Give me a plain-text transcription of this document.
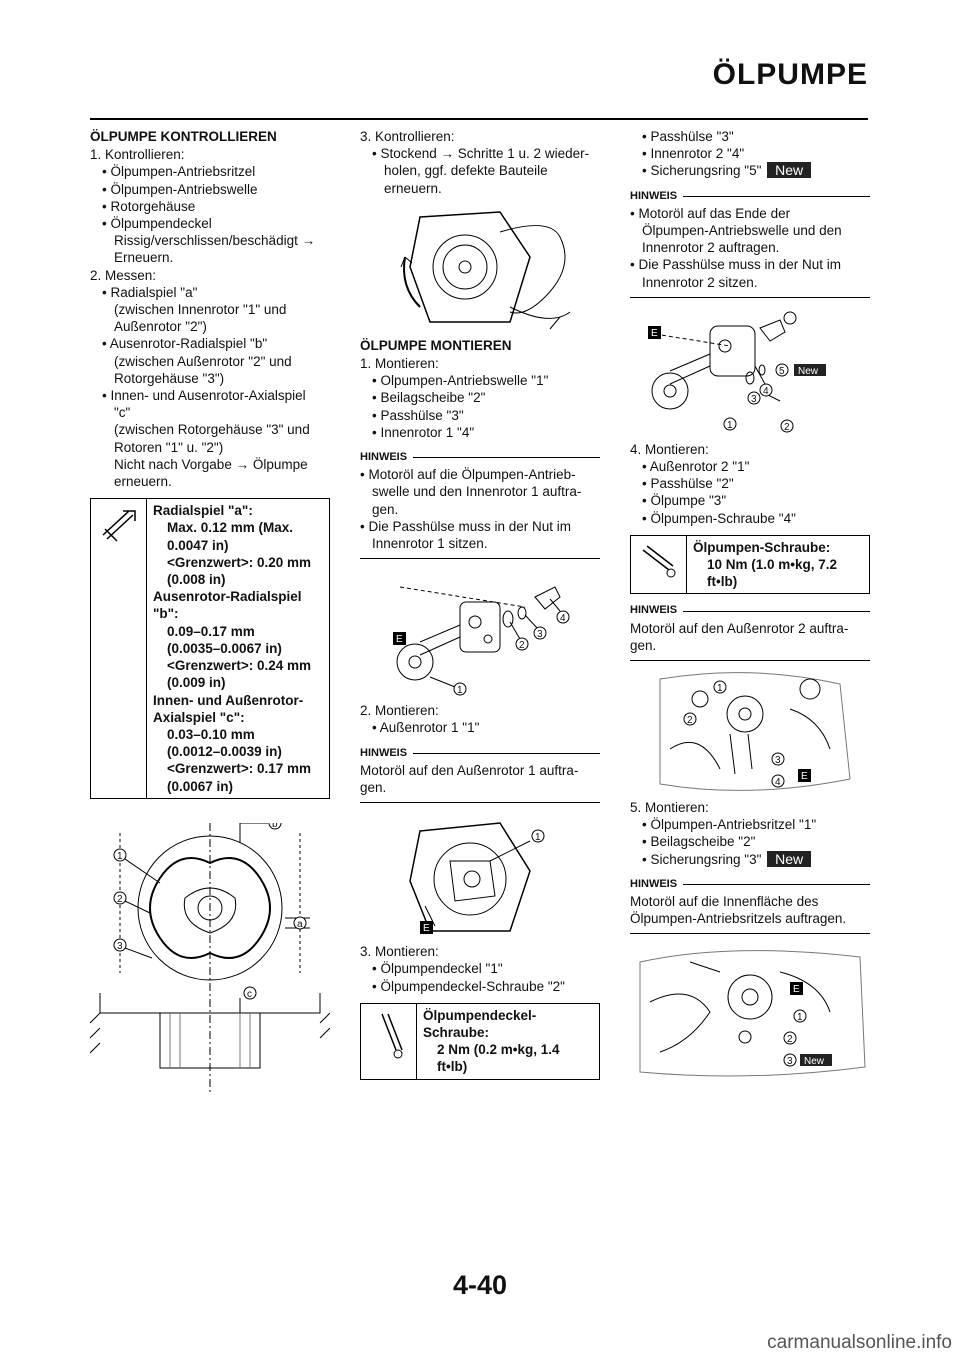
ÖLPUMPE
ÖLPUMPE KONTROLLIEREN
1. Kontrollieren:
• Ölpumpen-Antriebsritzel
• Ölpumpen-Antriebswelle
• Rotorgehäuse
• Ölpumpendeckel
Rissig/verschlissen/beschädigt →
Erneuern.
2. Messen:
• Radialspiel "a"
(zwischen Innenrotor "1" und
Außenrotor "2")
• Ausenrotor-Radialspiel "b"
(zwischen Außenrotor "2" und
Rotorgehäuse "3")
• Innen- und Ausenrotor-Axialspiel
"c"
(zwischen Rotorgehäuse "3" und
Rotoren "1" u. "2")
Nicht nach Vorgabe → Ölpumpe
erneuern.
Radialspiel "a":
Max. 0.12 mm (Max.
0.0047 in)
<Grenzwert>: 0.20 mm
(0.008 in)
Ausenrotor-Radialspiel
"b":
0.09–0.17 mm
(0.0035–0.0067 in)
<Grenzwert>: 0.24 mm
(0.009 in)
Innen- und Außenrotor-
Axialspiel "c":
0.03–0.10 mm
(0.0012–0.0039 in)
<Grenzwert>: 0.17 mm
(0.0067 in)
1
2
3
a
b
c
3. Kontrollieren:
• Stockend → Schritte 1 u. 2 wieder-
holen, ggf. defekte Bauteile
erneuern.
ÖLPUMPE MONTIEREN
1. Montieren:
• Olpumpen-Antriebswelle "1"
• Beilagscheibe "2"
• Passhülse "3"
• Innenrotor 1 "4"
HINWEIS
• Motoröl auf die Ölpumpen-Antrieb-
swelle und den Innenrotor 1 auftra-
gen.
• Die Passhülse muss in der Nut im
Innenrotor 1 sitzen.
1
2
3
4
E
2. Montieren:
• Außenrotor 1 "1"
HINWEIS
Motoröl auf den Außenrotor 1 auftra-
gen.
1
E
3. Montieren:
• Ölpumpendeckel "1"
• Ölpumpendeckel-Schraube "2"
Ölpumpendeckel-
Schraube:
2 Nm (0.2 m•kg, 1.4
ft•lb)
• Passhülse "3"
• Innenrotor 2 "4"
• Sicherungsring "5" New
HINWEIS
• Motoröl auf das Ende der
Ölpumpen-Antriebswelle und den
Innenrotor 2 auftragen.
• Die Passhülse muss in der Nut im
Innenrotor 2 sitzen.
1	2
3
4
5
E
New
4. Montieren:
• Außenrotor 2 "1"
• Passhülse "2"
• Ölpumpe "3"
• Ölpumpen-Schraube "4"
Ölpumpen-Schraube:
10 Nm (1.0 m•kg, 7.2
ft•lb)
HINWEIS
Motoröl auf den Außenrotor 2 auftra-
gen.
1
2
3
4
E
5. Montieren:
• Ölpumpen-Antriebsritzel "1"
• Beilagscheibe "2"
• Sicherungsring "3" New
HINWEIS
Motoröl auf die Innenfläche des
Ölpumpen-Antriebsritzels auftragen.
1
2
3
E
New
4-40
carmanualsonline.info
